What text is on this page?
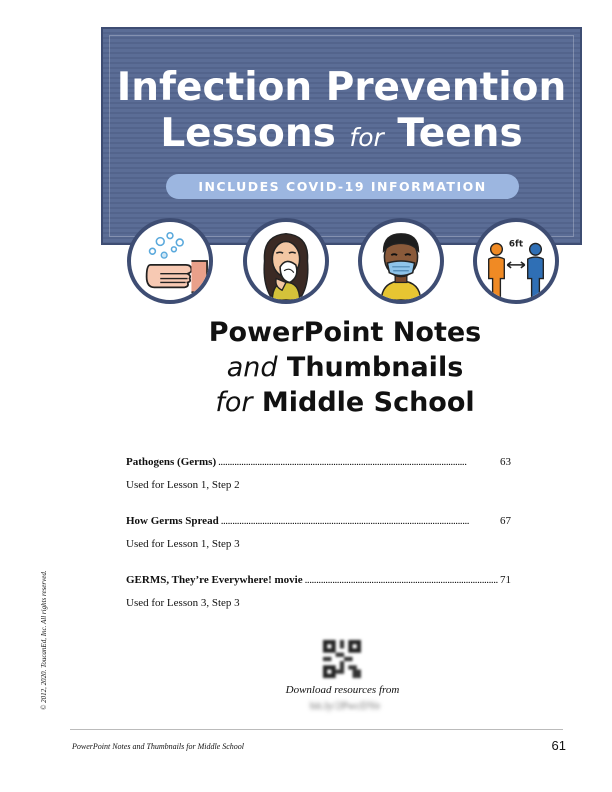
Infection Prevention
Lessons for Teens
INCLUDES COVID-19 INFORMATION
6ft
PowerPoint Notes
and Thumbnails
for Middle School
Pathogens (Germs) . . .	63
Used for Lesson 1, Step 2
How Germs Spread . . .	67
Used for Lesson 1, Step 3
GERMS, They’re Everywhere! movie . . .	71
Used for Lesson 3, Step 3
© 2012, 2020. ToucanEd, Inc. All rights reserved.	Download resources from
bit.ly/2PwcDYe
PowerPoint Notes and Thumbnails for Middle School	61
